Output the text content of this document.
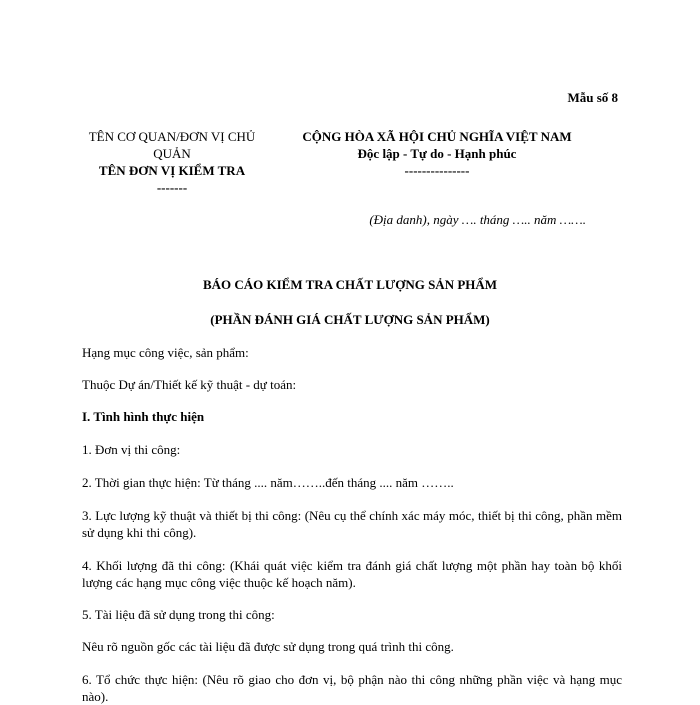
Mẫu số 8
TÊN CƠ QUAN/ĐƠN VỊ CHỦ QUẢN
TÊN ĐƠN VỊ KIỂM TRA
-------
CỘNG HÒA XÃ HỘI CHỦ NGHĨA VIỆT NAM
Độc lập - Tự do - Hạnh phúc
---------------
(Địa danh), ngày …. tháng ….. năm …….
BÁO CÁO KIỂM TRA CHẤT LƯỢNG SẢN PHẨM
(PHẦN ĐÁNH GIÁ CHẤT LƯỢNG SẢN PHẨM)
Hạng mục công việc, sản phẩm:
Thuộc Dự án/Thiết kế kỹ thuật - dự toán:
I. Tình hình thực hiện
1. Đơn vị thi công:
2. Thời gian thực hiện: Từ tháng .... năm……..đến tháng .... năm ……..
3. Lực lượng kỹ thuật và thiết bị thi công: (Nêu cụ thể chính xác máy móc, thiết bị thi công, phần mềm sử dụng khi thi công).
4. Khối lượng đã thi công: (Khái quát việc kiểm tra đánh giá chất lượng một phần hay toàn bộ khối lượng các hạng mục công việc thuộc kế hoạch năm).
5. Tài liệu đã sử dụng trong thi công:
Nêu rõ nguồn gốc các tài liệu đã được sử dụng trong quá trình thi công.
6. Tổ chức thực hiện: (Nêu rõ giao cho đơn vị, bộ phận nào thi công những phần việc và hạng mục nào).
